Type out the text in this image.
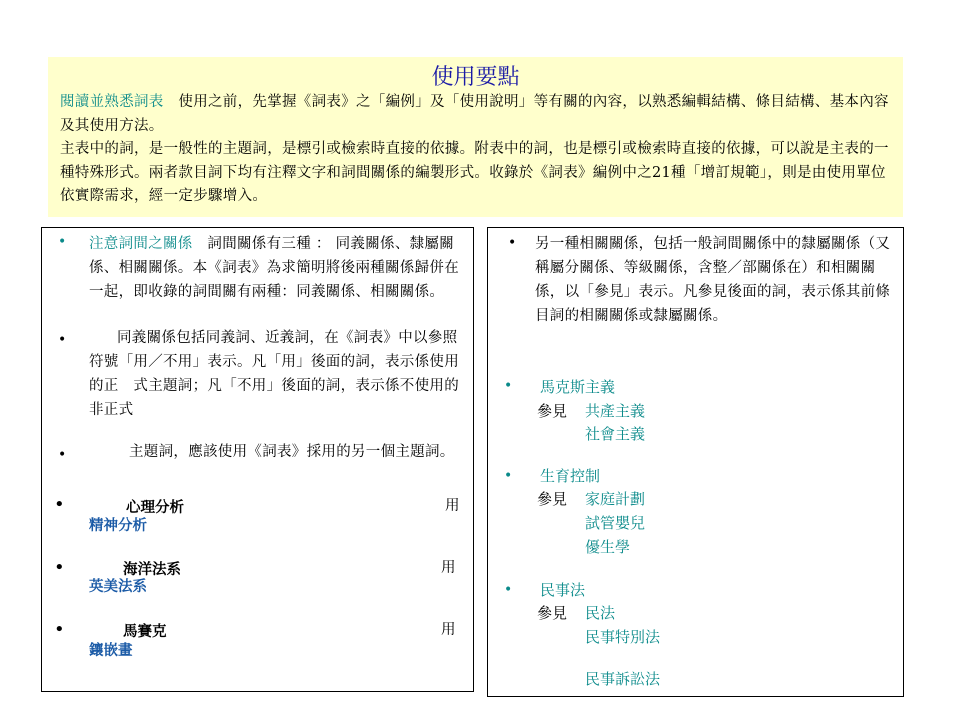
使用要點
閱讀並熟悉詞表　使用之前，先掌握《詞表》之「編例」及「使用說明」等有關的內容，以熟悉編輯結構、條目結構、基本內容及其使用方法。
主表中的詞，是一般性的主題詞，是標引或檢索時直接的依據。附表中的詞，也是標引或檢索時直接的依據，可以說是主表的一種特殊形式。兩者款目詞下均有注釋文字和詞間關係的編製形式。收錄於《詞表》編例中之21種「增訂規範」，則是由使用單位依實際需求，經一定步驟增入。
• 注意詞間之關係　詞間關係有三種 ： 同義關係、隸屬關係、相關關係。本《詞表》為求簡明將後兩種關係歸併在一起，即收錄的詞間關有兩種：同義關係、相關關係。
•	同義關係包括同義詞、近義詞，在《詞表》中以參照符號「用／不用」表示。凡「用」後面的詞，表示係使用的正　式主題詞；凡「不用」後面的詞，表示係不使用的非正式
•	主題詞，應該使用《詞表》採用的另一個主題詞。
•	心理分析	用
精神分析
•	海洋法系	用
英美法系
•	馬賽克	用
鑲嵌畫
• 另一種相關關係，包括一般詞間關係中的隸屬關係（又稱屬分關係、等級關係，含整／部關係在）和相關關係，以「參見」表示。凡參見後面的詞，表示係其前條目詞的相關關係或隸屬關係。
• 馬克斯主義
參見 共產主義
社會主義
• 生育控制
參見 家庭計劃
試管嬰兒
優生學
• 民事法
參見 民法
民事特別法
民事訴訟法
